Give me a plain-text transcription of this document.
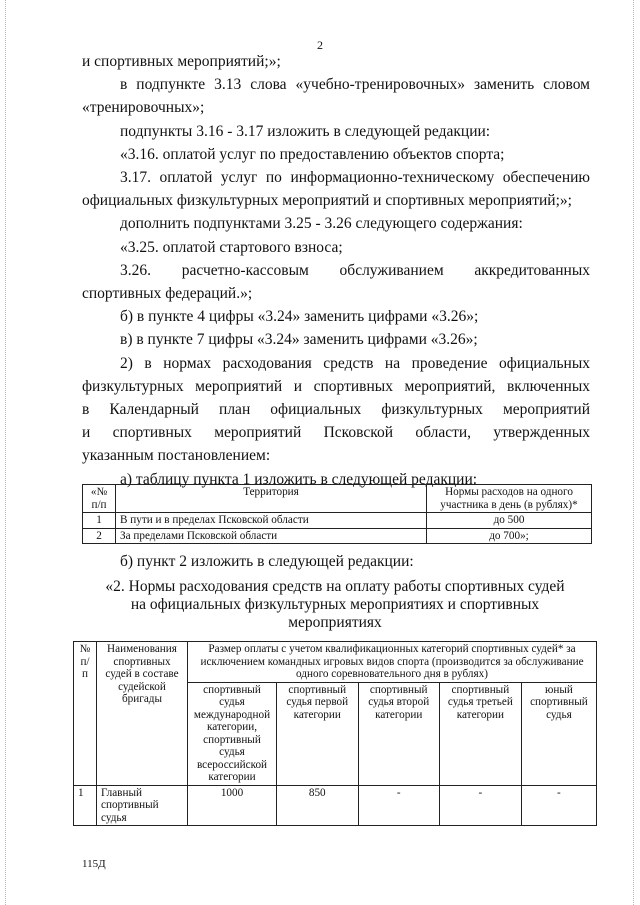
2

и спортивных мероприятий;»;

в подпункте 3.13 слова «учебно-тренировочных» заменить словом

«тренировочных»;

подпункты 3.16 - 3.17 изложить в следующей редакции:

«3.16. оплатой услуг по предоставлению объектов спорта;

3.17. оплатой услуг по информационно-техническому обеспечению

официальных физкультурных мероприятий и спортивных мероприятий;»;

дополнить подпунктами 3.25 - 3.26 следующего содержания:

«3.25. оплатой стартового взноса;

3.26. расчетно-кассовым обслуживанием аккредитованных

спортивных федераций.»;

б) в пункте 4 цифры «3.24» заменить цифрами «3.26»;

в) в пункте 7 цифры «3.24» заменить цифрами «3.26»;

2) в нормах расходования средств на проведение официальных

физкультурных мероприятий и спортивных мероприятий, включенных

в Календарный план официальных физкультурных мероприятий

и спортивных мероприятий Псковской области, утвержденных

указанным постановлением:

а) таблицу пункта 1 изложить в следующей редакции:

«№ п/п	Территория	Нормы расходов на одного участника в день (в рублях)*
1	В пути и в пределах Псковской области	до 500
2	За пределами Псковской области	до 700»;

б) пункт 2 изложить в следующей редакции:

«2. Нормы расходования средств на оплату работы спортивных судей

на официальных физкультурных мероприятиях и спортивных

мероприятиях

№ п/п	Наименования спортивных судей в составе судейской бригады	Размер оплаты с учетом квалификационных категорий спортивных судей* за исключением командных игровых видов спорта (производится за обслуживание одного соревновательного дня в рублях)				
		спортивный судья международной категории, спортивный судья всероссийской категории	спортивный судья первой категории	спортивный судья второй категории	спортивный судья третьей категории	юный спортивный судья
1	Главный спортивный судья	1000	850	-	-	-
115Д
